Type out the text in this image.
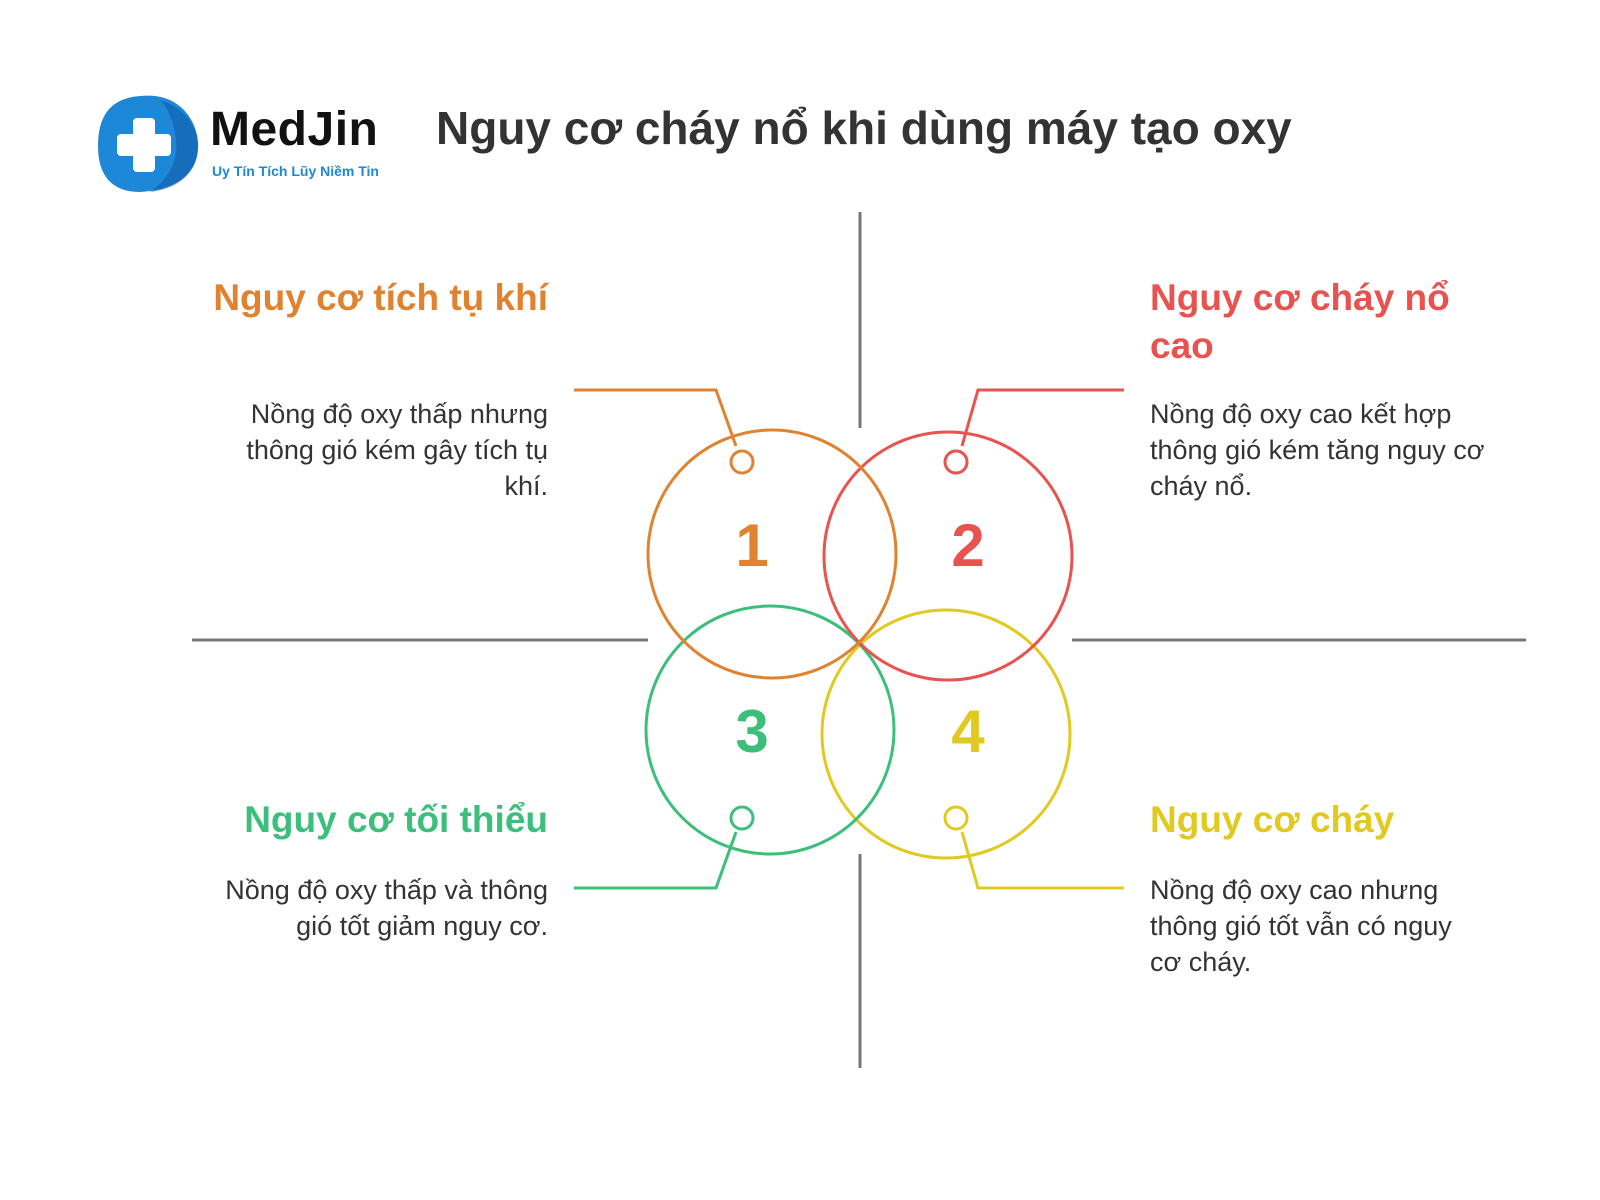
1	2
3	4
MedJin
Uy Tín Tích Lũy Niềm Tin
Nguy cơ cháy nổ khi dùng máy tạo oxy
Nguy cơ tích tụ khí
Nồng độ oxy thấp nhưng thông gió kém gây tích tụ khí.
Nguy cơ cháy nổ cao
Nồng độ oxy cao kết hợp thông gió kém tăng nguy cơ cháy nổ.
Nguy cơ tối thiểu
Nồng độ oxy thấp và thông gió tốt giảm nguy cơ.
Nguy cơ cháy
Nồng độ oxy cao nhưng thông gió tốt vẫn có nguy cơ cháy.
